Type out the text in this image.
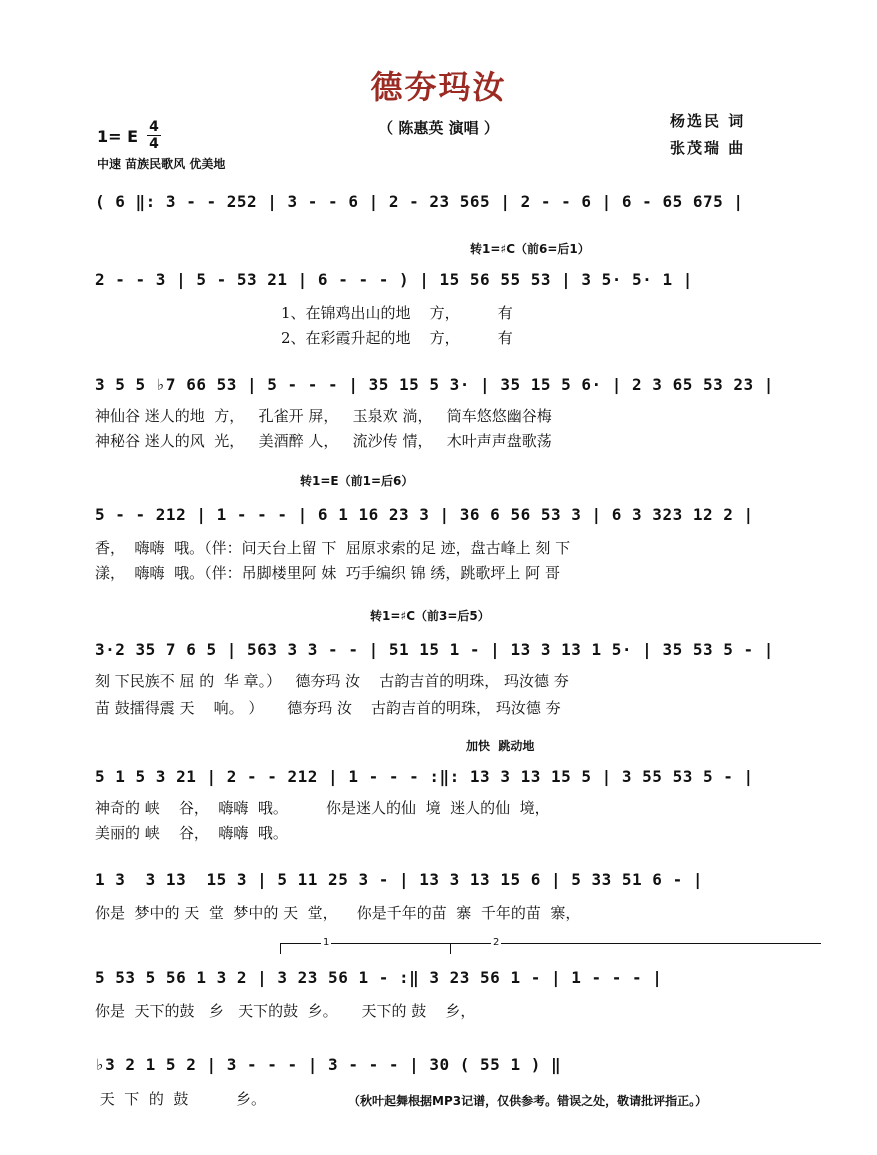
德夯玛汝
（ 陈惠英 演唱 ）	杨选民 词
张茂瑞 曲
1= E 4
4
中速 苗族民歌风 优美地
( 6 ‖: 3 - - 252 | 3 - - 6 | 2 - 23 565 | 2 - - 6 | 6 - 65 675 |
转1=♯C（前6=后1）
2 - - 3 | 5 - 53 21 | 6 - - - ) | 15 56 55 53 | 3 5· 5· 1 |
1、在锦鸡出山的地    方，        有
2、在彩霞升起的地    方，        有
3 5 5 ♭7 66 53 | 5 - - - | 35 15 5 3· | 35 15 5 6· | 2 3 65 53 23 |
神仙谷 迷人的地  方，   孔雀开 屏，   玉泉欢 淌，   筒车悠悠幽谷梅
神秘谷 迷人的风  光，   美酒醉 人，   流沙传 情，   木叶声声盘歌荡
转1=E（前1=后6）
5 - - 212 | 1 - - - | 6 1 16 23 3 | 36 6 56 53 3 | 6 3 323 12 2 |
香，  嗨嗨  哦。（伴：问天台上留 下  屈原求索的足 迹，盘古峰上 刻 下
漾，  嗨嗨  哦。（伴：吊脚楼里阿 妹  巧手编织 锦 绣，跳歌坪上 阿 哥
转1=♯C（前3=后5）
3·2 35 7 6 5 | 563 3 3 - - | 51 15 1 - | 13 3 13 1 5· | 35 53 5 - |
刻 下民族不 屈 的  华 章。）   德夯玛 汝    古韵吉首的明珠， 玛汝德 夯
苗 鼓擂得震 天    响。 ）     德夯玛 汝    古韵吉首的明珠， 玛汝德 夯
加快  跳动地
5 1 5 3 21 | 2 - - 212 | 1 - - - :‖: 13 3 13 15 5 | 3 55 53 5 - |
神奇的 峡    谷，  嗨嗨  哦。        你是迷人的仙  境  迷人的仙  境，
美丽的 峡    谷，  嗨嗨  哦。
1 3  3 13  15 3 | 5 11 25 3 - | 13 3 13 15 6 | 5 33 51 6 - |
你是  梦中的 天  堂  梦中的 天  堂，    你是千年的苗  寨  千年的苗  寨，
1	2
5 53 5 56 1 3 2 | 3 23 56 1 - :‖ 3 23 56 1 - | 1 - - - |
你是  天下的鼓   乡   天下的鼓  乡。     天下的 鼓    乡，
♭3 2 1 5 2 | 3 - - - | 3 - - - | 30 ( 55 1 ) ‖
天  下  的  鼓          乡。	（秋叶起舞根据MP3记谱，仅供参考。错误之处，敬请批评指正。）
